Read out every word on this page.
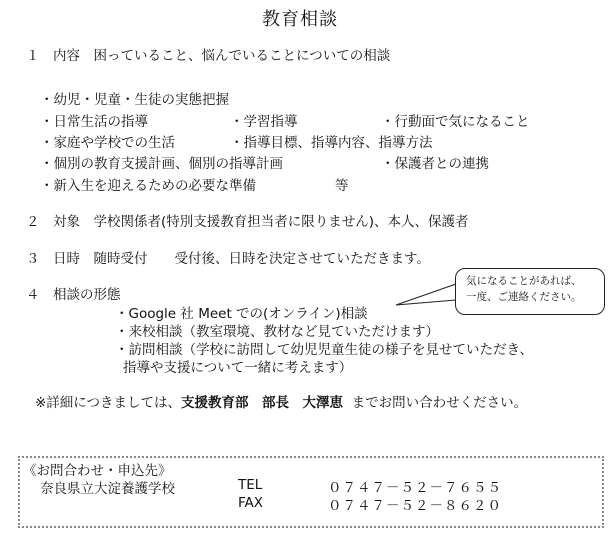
教育相談
１　内容　困っていること、悩んでいることについての相談
・幼児・児童・生徒の実態把握
・日常生活の指導	・学習指導	・行動面で気になること
・家庭や学校での生活	・指導目標、指導内容、指導方法
・個別の教育支援計画、個別の指導計画	・保護者との連携
・新入生を迎えるための必要な準備	等
２　対象　学校関係者(特別支援教育担当者に限りません)、本人、保護者
３　日時　随時受付　　受付後、日時を決定させていただきます。
４　相談の形態
・Google 社 Meet での(オンライン)相談
・来校相談（教室環境、教材など見ていただけます）
・訪問相談（学校に訪問して幼児児童生徒の様子を見せていただき、
指導や支援について一緒に考えます）
気になることがあれば、
一度、ご連絡ください。
※詳細につきましては、支援教育部　部長　大澤恵 までお問い合わせください。
《お問合わせ・申込先》
奈良県立大淀養護学校	TEL	０７４７－５２－７６５５
FAX	０７４７－５２－８６２０
